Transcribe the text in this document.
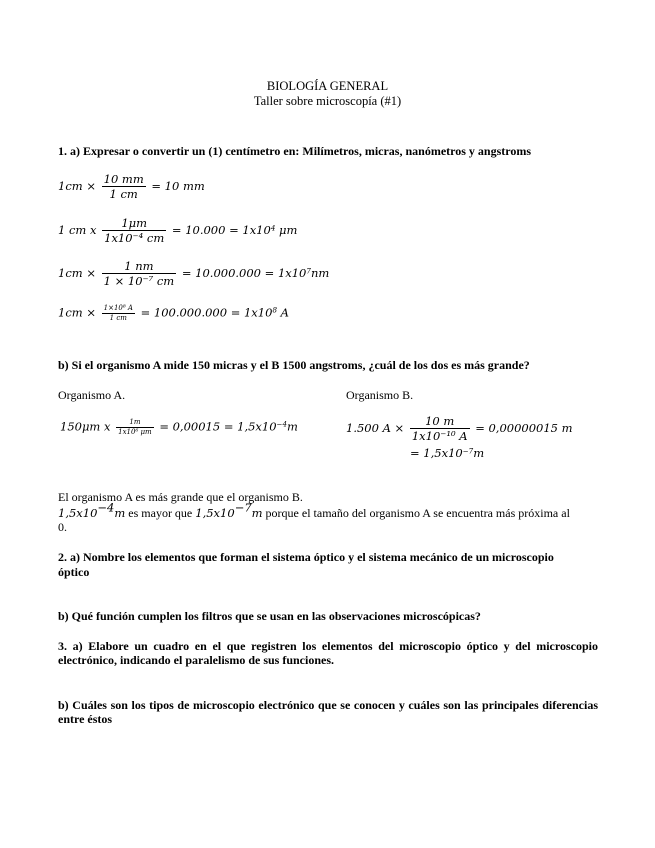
BIOLOGÍA GENERAL
Taller sobre microscopía (#1)
1. a) Expresar o convertir un (1) centímetro en: Milímetros, micras, nanómetros y angstroms
$1cm \times \frac{10 mm}{1 cm} = 10$ mm
1 cm x $\frac{1\mu m}{\text{1x10⁻⁴ cm}} = 10.000 = 1x10^4$ μm
$1cm \times \frac{1 nm}{\text{1 × 10⁻⁷ cm}} = 10.000.000 = 1x10^7nm$
$1cm \times \frac{\text{1×10⁸ A}}{1 cm} = 100.000.000 = 1x10^8$ A
b) Si el organismo A mide 150 micras y el B 1500 angstroms, ¿cuál de los dos es más grande?
Organismo A.
150μm x $\frac{1m}{\text{1x10⁶ μm}} = 0,00015 = 1,5x10^{-4}m$
Organismo B.
1.500 $A \times \frac{10 m}{\text{1x10⁻¹⁰ A}} = 0,00000015$ m
= $1,5x10^{-7}m$
El organismo A es más grande que el organismo B.
$1,5x10^{-4}m$ es mayor que $1,5x10^{-7}m$ porque el tamaño del organismo A se encuentra más próxima al
0.
2. a) Nombre los elementos que forman el sistema óptico y el sistema mecánico de un microscopio
óptico
b) Qué función cumplen los filtros que se usan en las observaciones microscópicas?
3. a) Elabore un cuadro en el que registren los elementos del microscopio óptico y del microscopio electrónico, indicando el paralelismo de sus funciones.
b) Cuáles son los tipos de microscopio electrónico que se conocen y cuáles son las principales diferencias entre éstos
